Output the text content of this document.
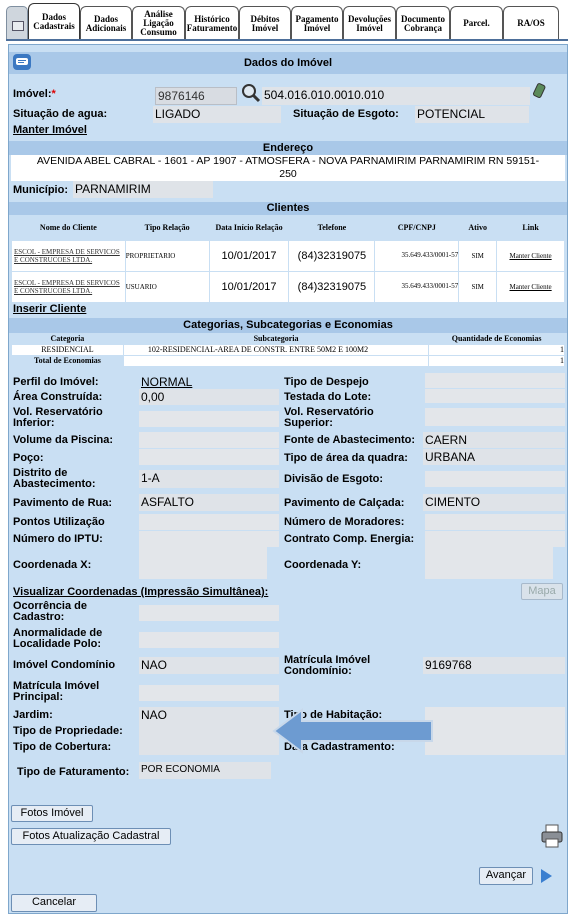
Dados Cadastrais
Dados Adicionais
Análise Ligação Consumo
Histórico Faturamento
Débitos Imóvel
Pagamento Imóvel
Devoluções Imóvel
Documento Cobrança	Parcel.	RA/OS
Dados do Imóvel
Imóvel:*	9876146	504.016.010.0010.010
Situação de agua:	LIGADO	Situação de Esgoto: POTENCIAL
Manter Imóvel
Endereço
AVENIDA ABEL CABRAL - 1601 - AP 1907 - ATMOSFERA - NOVA PARNAMIRIM PARNAMIRIM RN 59151-
250
Município: PARNAMIRIM
Clientes
Nome do Cliente	Tipo Relação	Data Início Relação	Telefone	CPF/CNPJ	Ativo	Link
ESCOL - EMPRESA DE SERVICOS E CONSTRUCOES LTDA.	PROPRIETARIO	10/01/2017	(84)32319075	35.649.433/0001-57	SIM	Manter Cliente
ESCOL - EMPRESA DE SERVICOS E CONSTRUCOES LTDA.	USUARIO	10/01/2017	(84)32319075	35.649.433/0001-57	SIM	Manter Cliente
Inserir Cliente
Categorias, Subcategorias e Economias
Categoria	Subcategoria	Quantidade de Economias
RESIDENCIAL	102-RESIDENCIAL-AREA DE CONSTR. ENTRE 50M2 E 100M2	1
Total de Economias		1
Perfil do Imóvel:	NORMAL	Tipo de Despejo
Área Construída:	0,00	Testada do Lote:
Vol. Reservatório Inferior:
Vol. Reservatório Superior:
Volume da Piscina:	Fonte de Abastecimento: CAERN
Poço:	Tipo de área da quadra: URBANA
Distrito de Abastecimento:	1-A	Divisão de Esgoto:
Pavimento de Rua: ASFALTO	Pavimento de Calçada: CIMENTO
Pontos Utilização	Número de Moradores:
Número do IPTU:	Contrato Comp. Energia:
Coordenada X:	Coordenada Y:
Visualizar Coordenadas (Impressão Simultânea):	Mapa
Ocorrência de Cadastro:
Anormalidade de Localidade Polo:
Imóvel Condomínio NAO	Matrícula Imóvel Condomínio:	9169768
Matrícula Imóvel Principal:
Jardim:	NAO	Tipo de Habitação:
Tipo de Propriedade:
Tipo de Cobertura:	Data Cadastramento:
Tipo de Faturamento: POR ECONOMIA
Fotos Imóvel
Fotos Atualização Cadastral
Avançar
Cancelar
